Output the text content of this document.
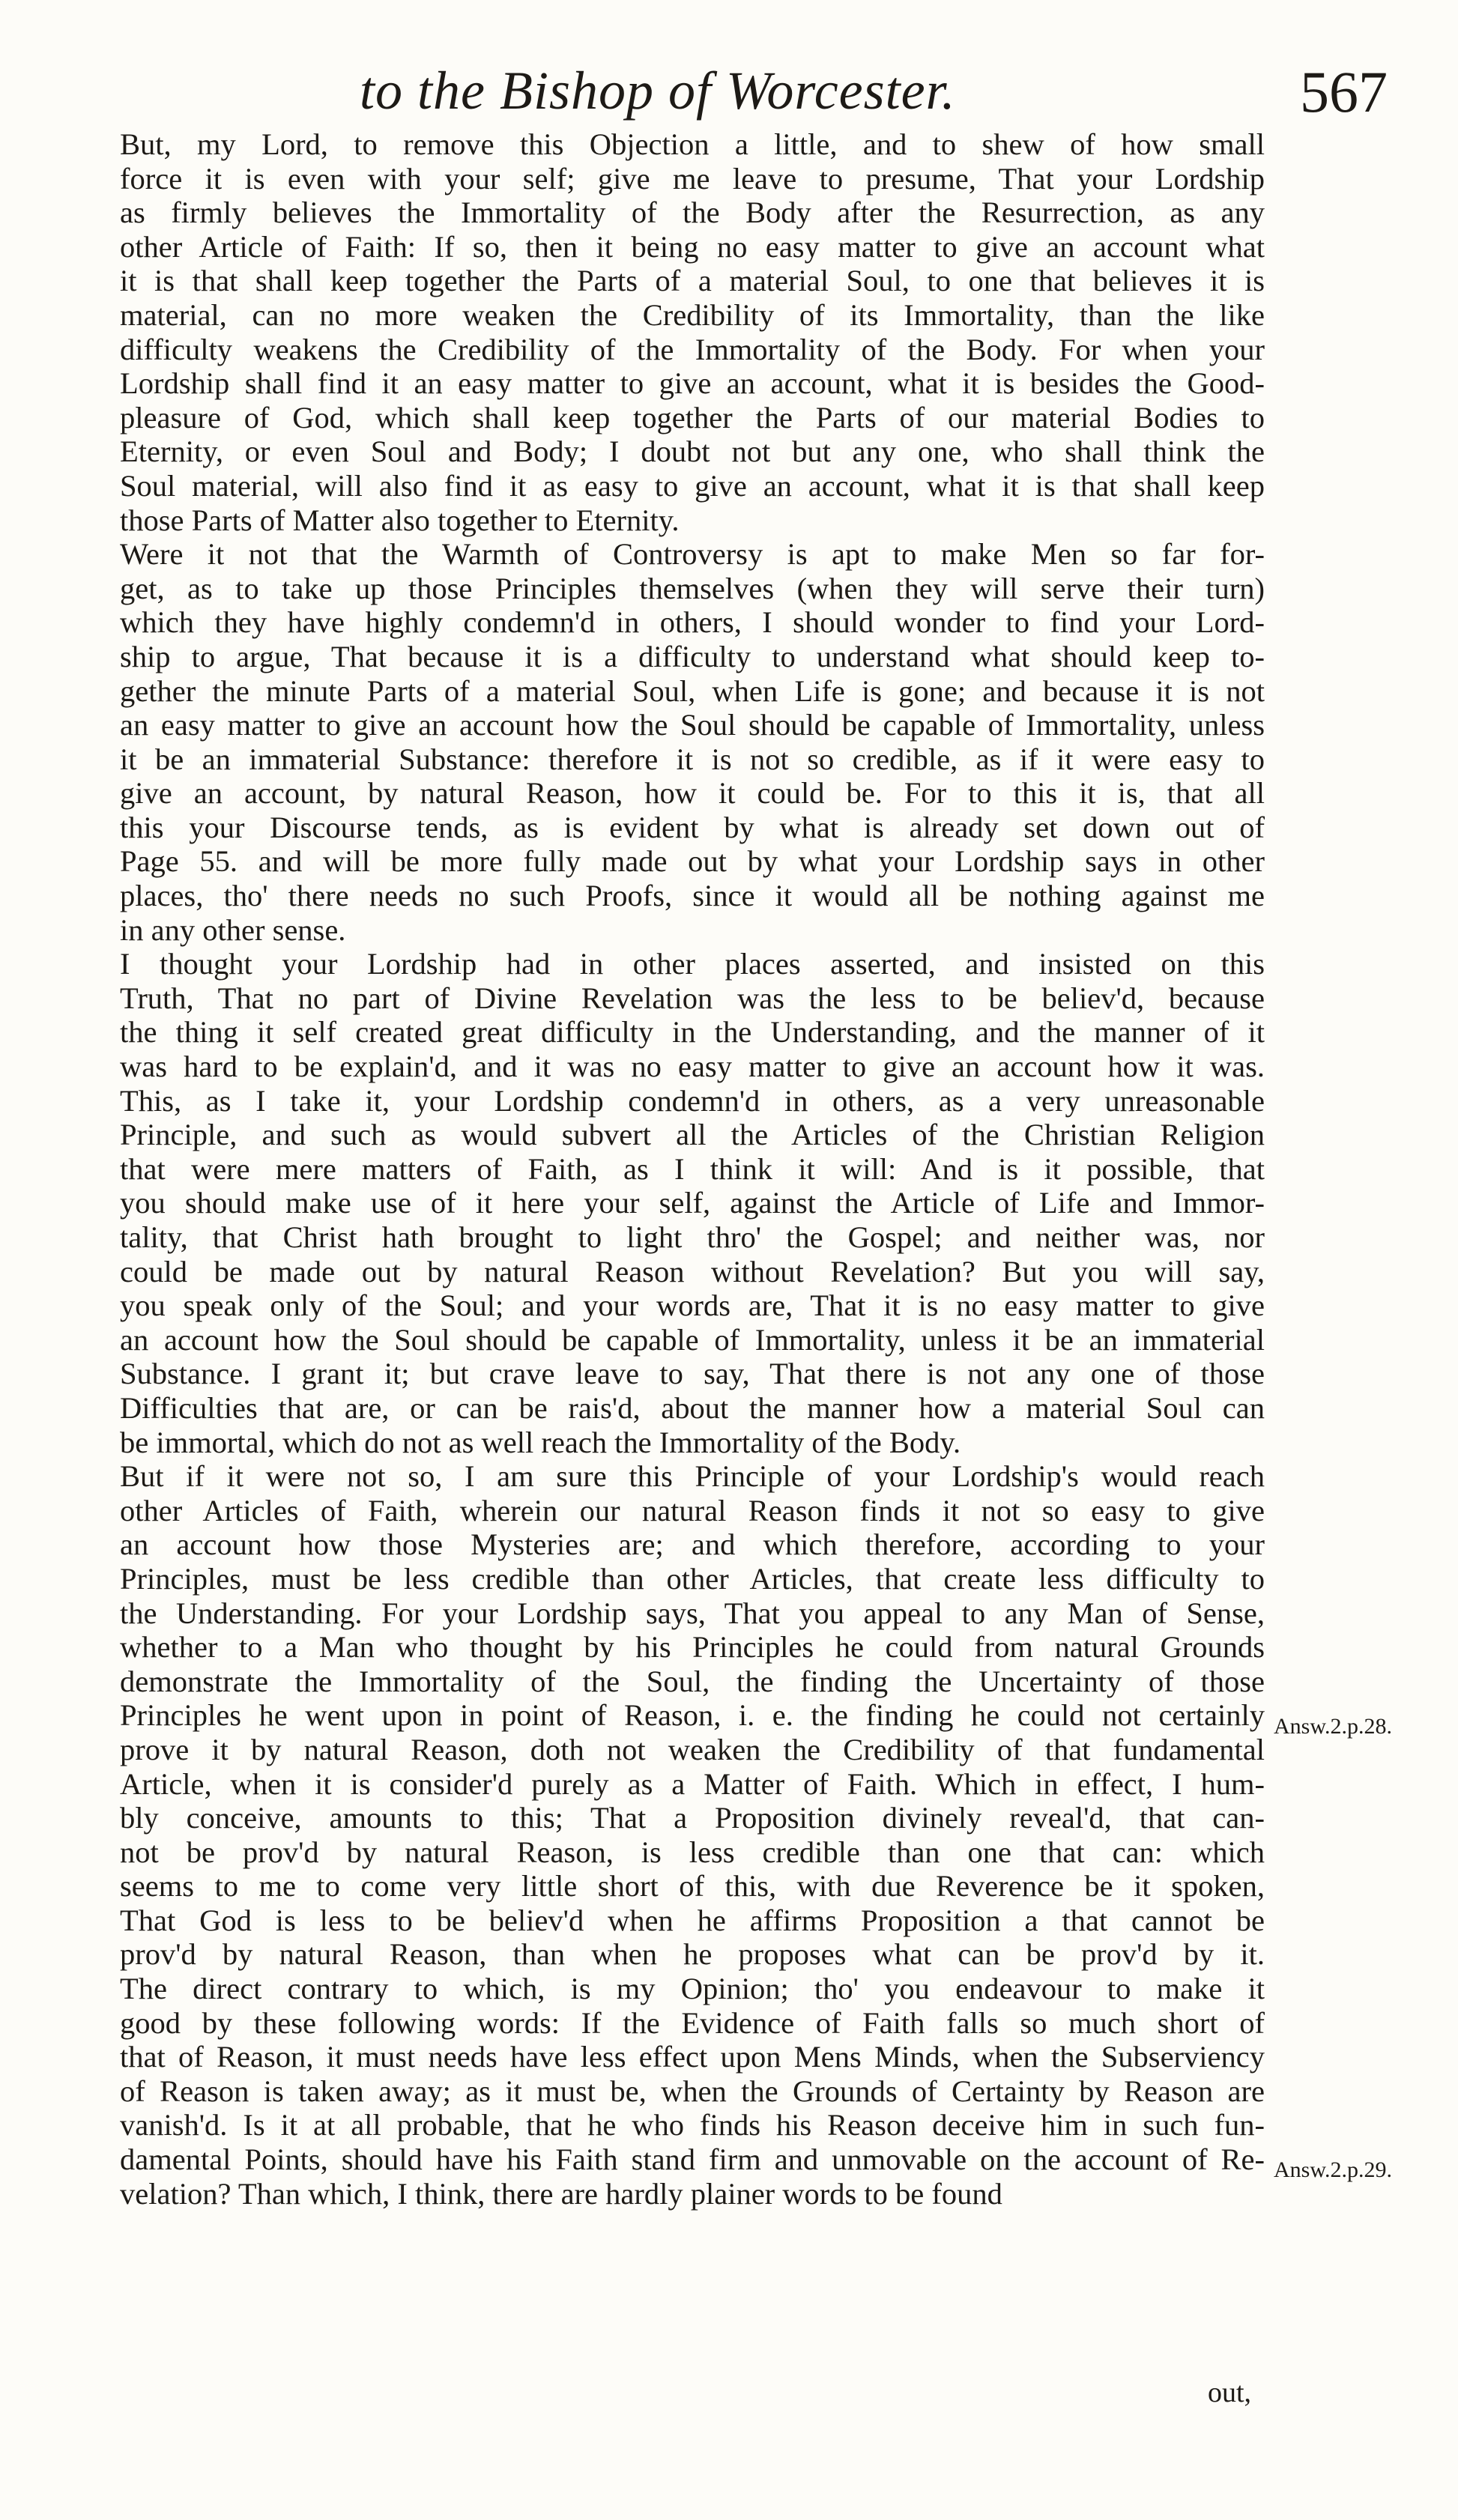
to the Bishop of Worcester.	567
But, my Lord, to remove this Objection a little, and to shew of how small
force it is even with your self; give me leave to presume, That your Lordship
as firmly believes the Immortality of the Body after the Resurrection, as any
other Article of Faith: If so, then it being no easy matter to give an account what
it is that shall keep together the Parts of a material Soul, to one that believes it is
material, can no more weaken the Credibility of its Immortality, than the like
difficulty weakens the Credibility of the Immortality of the Body. For when your
Lordship shall find it an easy matter to give an account, what it is besides the Good-
pleasure of God, which shall keep together the Parts of our material Bodies to
Eternity, or even Soul and Body; I doubt not but any one, who shall think the
Soul material, will also find it as easy to give an account, what it is that shall keep
those Parts of Matter also together to Eternity.
Were it not that the Warmth of Controversy is apt to make Men so far for-
get, as to take up those Principles themselves (when they will serve their turn)
which they have highly condemn'd in others, I should wonder to find your Lord-
ship to argue, That because it is a difficulty to understand what should keep to-
gether the minute Parts of a material Soul, when Life is gone; and because it is not
an easy matter to give an account how the Soul should be capable of Immortality, unless
it be an immaterial Substance: therefore it is not so credible, as if it were easy to
give an account, by natural Reason, how it could be. For to this it is, that all
this your Discourse tends, as is evident by what is already set down out of
Page 55. and will be more fully made out by what your Lordship says in other
places, tho' there needs no such Proofs, since it would all be nothing against me
in any other sense.
I thought your Lordship had in other places asserted, and insisted on this
Truth, That no part of Divine Revelation was the less to be believ'd, because
the thing it self created great difficulty in the Understanding, and the manner of it
was hard to be explain'd, and it was no easy matter to give an account how it was.
This, as I take it, your Lordship condemn'd in others, as a very unreasonable
Principle, and such as would subvert all the Articles of the Christian Religion
that were mere matters of Faith, as I think it will: And is it possible, that
you should make use of it here your self, against the Article of Life and Immor-
tality, that Christ hath brought to light thro' the Gospel; and neither was, nor
could be made out by natural Reason without Revelation? But you will say,
you speak only of the Soul; and your words are, That it is no easy matter to give
an account how the Soul should be capable of Immortality, unless it be an immaterial
Substance. I grant it; but crave leave to say, That there is not any one of those
Difficulties that are, or can be rais'd, about the manner how a material Soul can
be immortal, which do not as well reach the Immortality of the Body.
But if it were not so, I am sure this Principle of your Lordship's would reach
other Articles of Faith, wherein our natural Reason finds it not so easy to give
an account how those Mysteries are; and which therefore, according to your
Principles, must be less credible than other Articles, that create less difficulty to
the Understanding. For your Lordship says, That you appeal to any Man of Sense,
whether to a Man who thought by his Principles he could from natural Grounds
demonstrate the Immortality of the Soul, the finding the Uncertainty of those
Principles he went upon in point of Reason, i. e. the finding he could not certainly
prove it by natural Reason, doth not weaken the Credibility of that fundamental
Article, when it is consider'd purely as a Matter of Faith. Which in effect, I hum-
bly conceive, amounts to this; That a Proposition divinely reveal'd, that can-
not be prov'd by natural Reason, is less credible than one that can: which
seems to me to come very little short of this, with due Reverence be it spoken,
That God is less to be believ'd when he affirms Proposition a that cannot be
prov'd by natural Reason, than when he proposes what can be prov'd by it.
The direct contrary to which, is my Opinion; tho' you endeavour to make it
good by these following words: If the Evidence of Faith falls so much short of
that of Reason, it must needs have less effect upon Mens Minds, when the Subserviency
of Reason is taken away; as it must be, when the Grounds of Certainty by Reason are
vanish'd. Is it at all probable, that he who finds his Reason deceive him in such fun-
damental Points, should have his Faith stand firm and unmovable on the account of Re-
velation? Than which, I think, there are hardly plainer words to be found
Answ.2.p.28.
Answ.2.p.29.
out,
